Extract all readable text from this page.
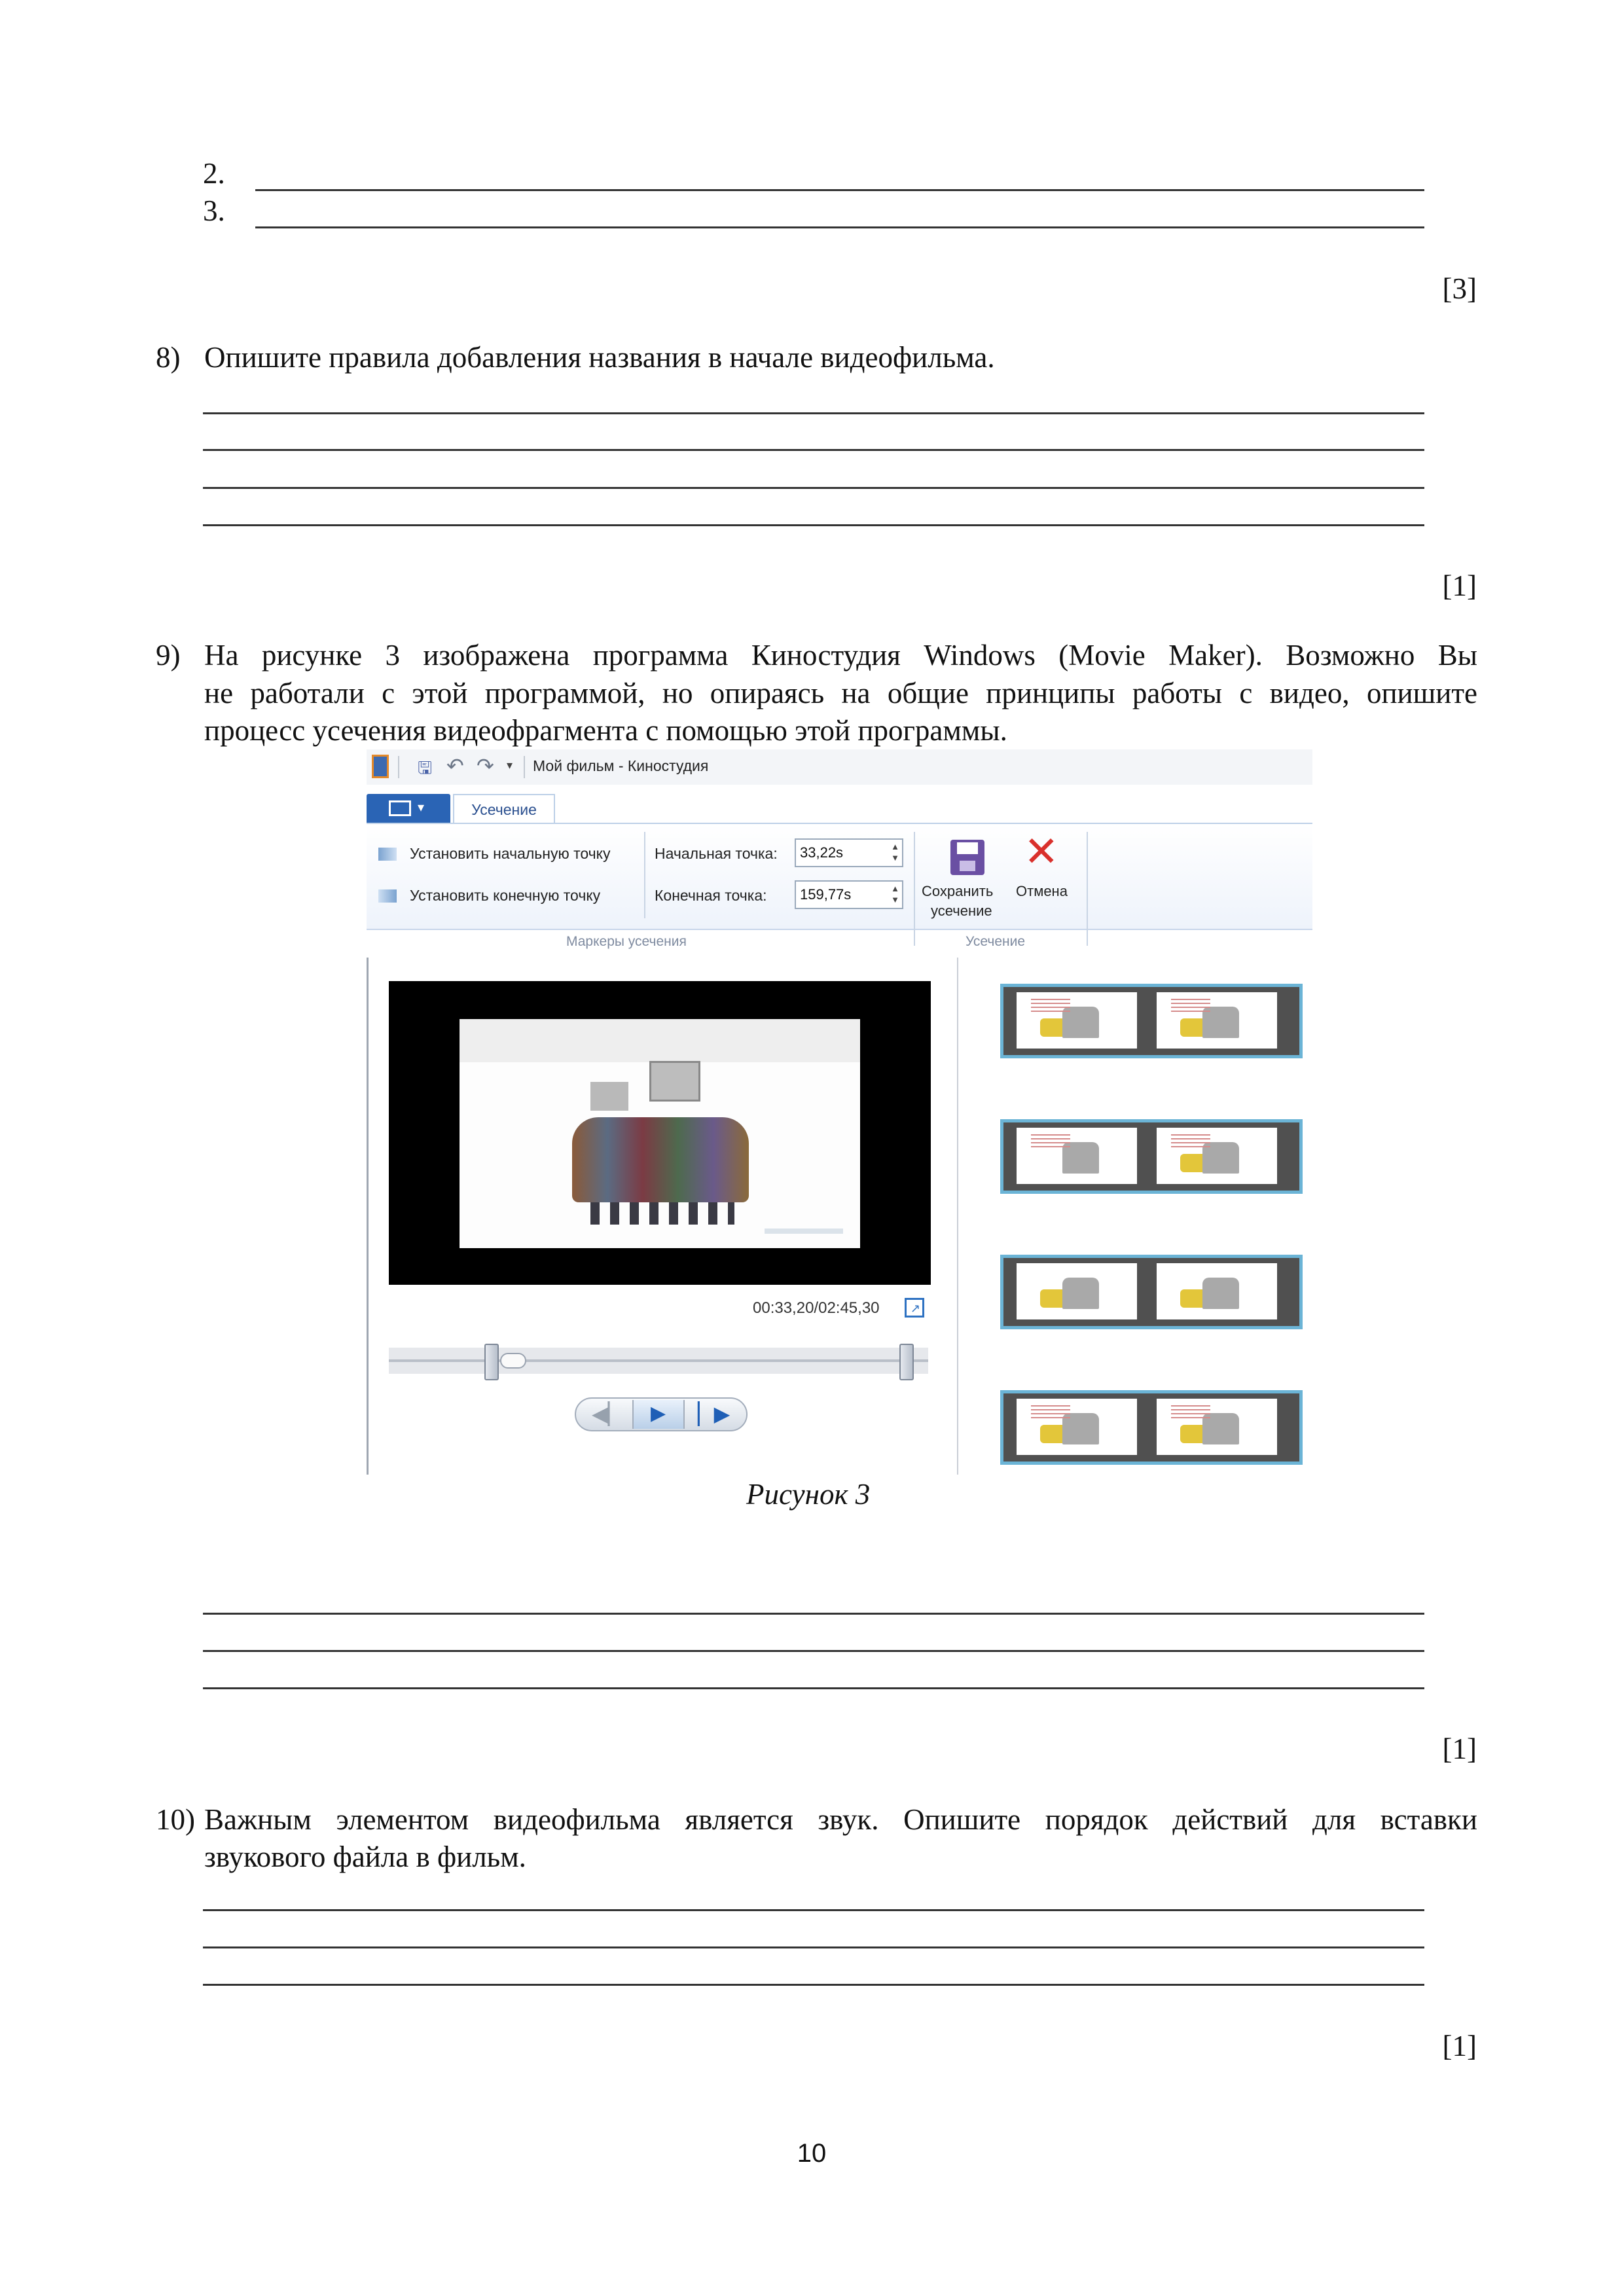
2.
3.
[3]
8) Опишите правила добавления названия в начале видеофильма.
[1]
9) На рисунке 3 изображена программа Киностудия Windows (Movie Maker). Возможно Вы
не работали с этой программой, но опираясь на общие принципы работы с видео, опишите
процесс усечения видеофрагмента с помощью этой программы.
🖫 ↶ ↷ ▾ Мой фильм - Киностудия
▾	Усечение
Установить начальную точку
Установить конечную точку
Начальная точка: 33,22s	▲
▼
Конечная точка: 159,77s	▲
▼
Маркеры усечения
Сохранить
усечение
✕
Отмена
Усечение
00:33,20/02:45,30	↗
◀▏ ▶ ▏▶
Рисунок 3
[1]
10) Важным элементом видеофильма является звук. Опишите порядок действий для вставки
звукового файла в фильм.
[1]
10
